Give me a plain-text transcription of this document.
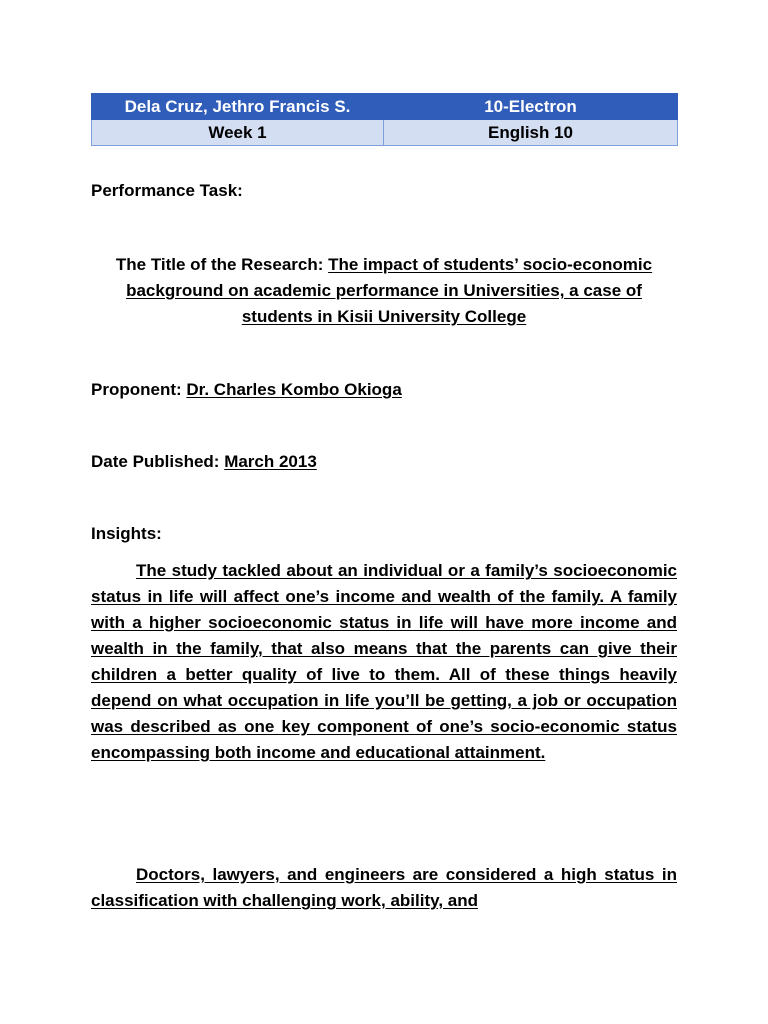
Dela Cruz, Jethro Francis S.	10-Electron
Week 1	English 10
Performance Task:
The Title of the Research: The impact of students’ socio-economic background on academic performance in Universities, a case of students in Kisii University College
Proponent: Dr. Charles Kombo Okioga
Date Published: March 2013
Insights:
The study tackled about an individual or a family’s socioeconomic status in life will affect one’s income and wealth of the family. A family with a higher socioeconomic status in life will have more income and wealth in the family, that also means that the parents can give their children a better quality of live to them. All of these things heavily depend on what occupation in life you’ll be getting, a job or occupation was described as one key component of one’s socio-economic status encompassing both income and educational attainment.
Doctors, lawyers, and engineers are considered a high status in classification with challenging work, ability, and
